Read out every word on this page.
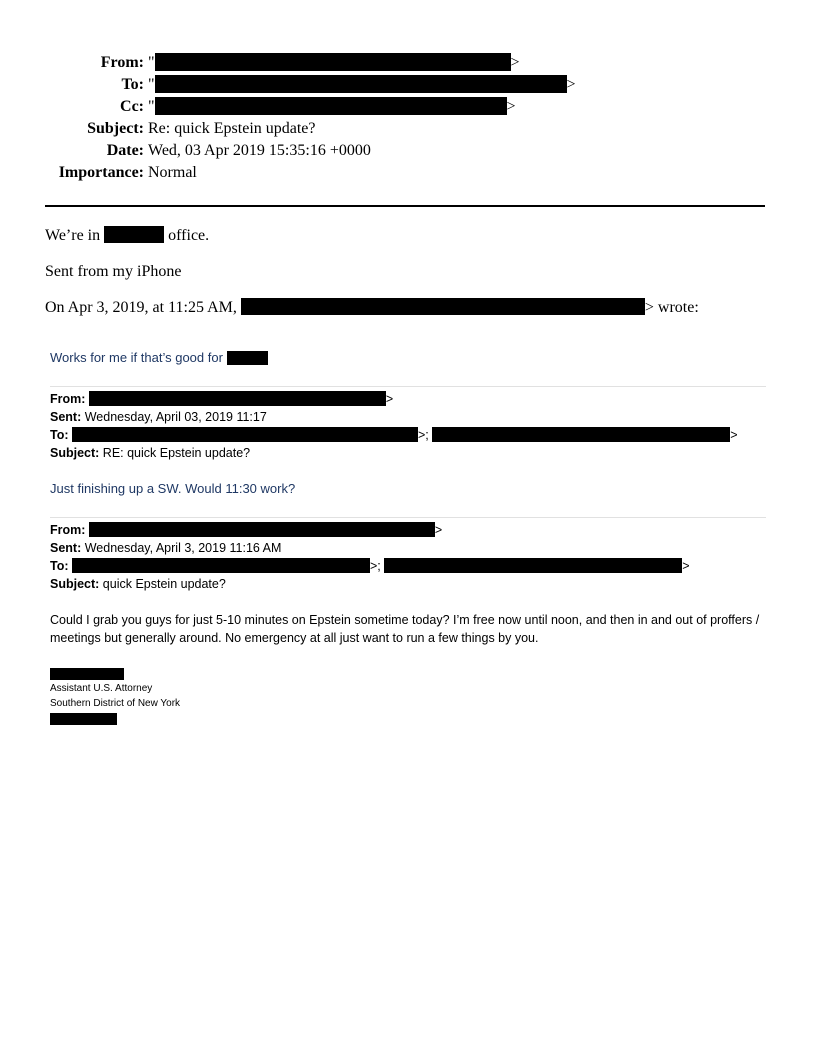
From: "	>
To: "	>
Cc: "	>
Subject: Re: quick Epstein update?
Date: Wed, 03 Apr 2019 15:35:16 +0000
Importance: Normal
We’re in	office.
Sent from my iPhone
On Apr 3, 2019, at 11:25 AM,	> wrote:
Works for me if that’s good for
From:	>
Sent: Wednesday, April 03, 2019 11:17
To:	>;	>
Subject: RE: quick Epstein update?
Just finishing up a SW. Would 11:30 work?
From:	>
Sent: Wednesday, April 3, 2019 11:16 AM
To:	>;	>
Subject: quick Epstein update?
Could I grab you guys for just 5-10 minutes on Epstein sometime today? I’m free now until noon, and then in and out of proffers / meetings but generally around. No emergency at all just want to run a few things by you.
Assistant U.S. Attorney
Southern District of New York
